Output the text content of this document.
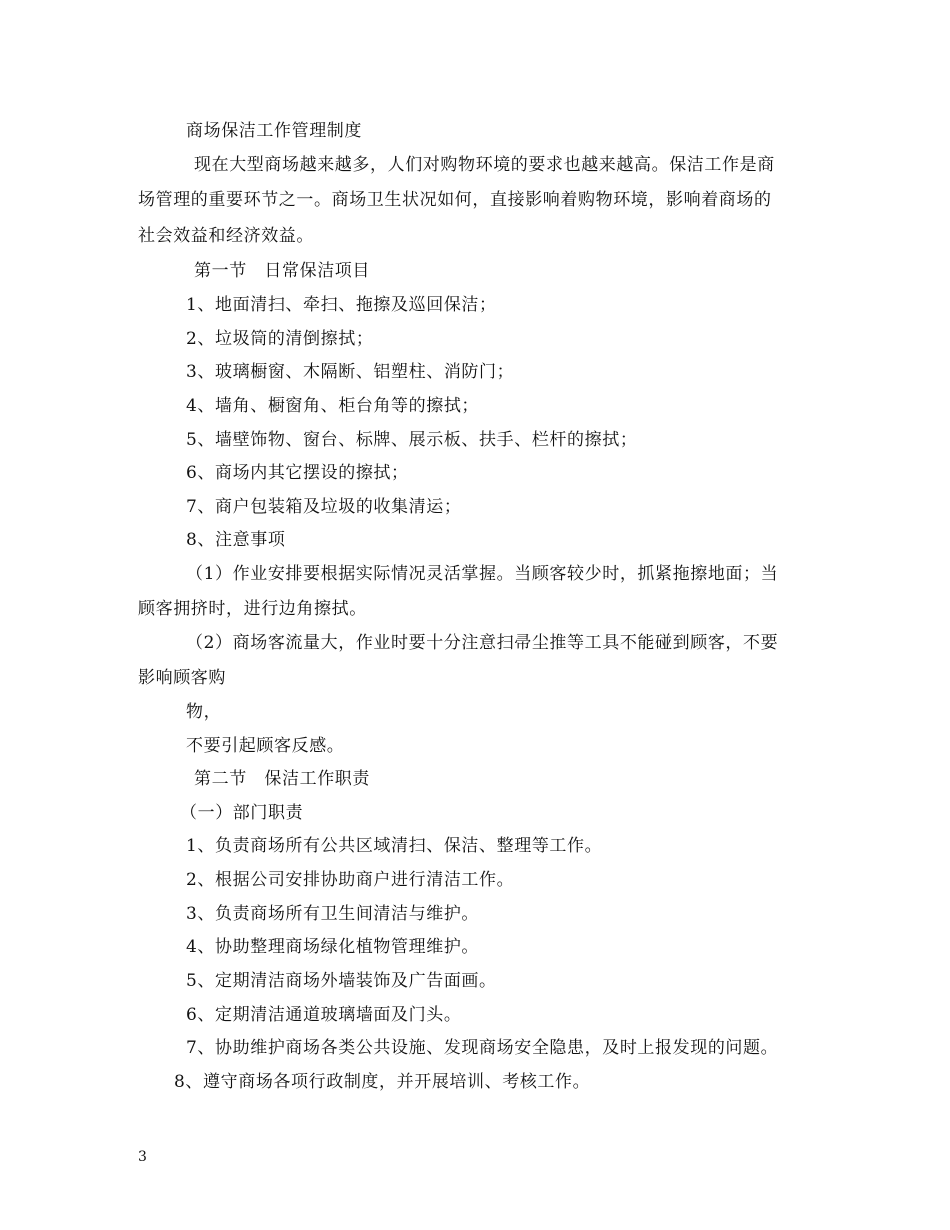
商场保洁工作管理制度
现在大型商场越来越多，人们对购物环境的要求也越来越高。保洁工作是商
场管理的重要环节之一。商场卫生状况如何，直接影响着购物环境，影响着商场的
社会效益和经济效益。
第一节　日常保洁项目
1、地面清扫、牵扫、拖擦及巡回保洁；
2、垃圾筒的清倒擦拭；
3、玻璃橱窗、木隔断、铝塑柱、消防门；
4、墙角、橱窗角、柜台角等的擦拭；
5、墙壁饰物、窗台、标牌、展示板、扶手、栏杆的擦拭；
6、商场内其它摆设的擦拭；
7、商户包装箱及垃圾的收集清运；
8、注意事项
（1）作业安排要根据实际情况灵活掌握。当顾客较少时，抓紧拖擦地面；当
顾客拥挤时，进行边角擦拭。
（2）商场客流量大，作业时要十分注意扫帚尘推等工具不能碰到顾客，不要
影响顾客购
物，
不要引起顾客反感。
第二节　保洁工作职责
（一）部门职责
1、负责商场所有公共区域清扫、保洁、整理等工作。
2、根据公司安排协助商户进行清洁工作。
3、负责商场所有卫生间清洁与维护。
4、协助整理商场绿化植物管理维护。
5、定期清洁商场外墙装饰及广告面画。
6、定期清洁通道玻璃墙面及门头。
7、协助维护商场各类公共设施、发现商场安全隐患，及时上报发现的问题。
8、遵守商场各项行政制度，并开展培训、考核工作。
3
